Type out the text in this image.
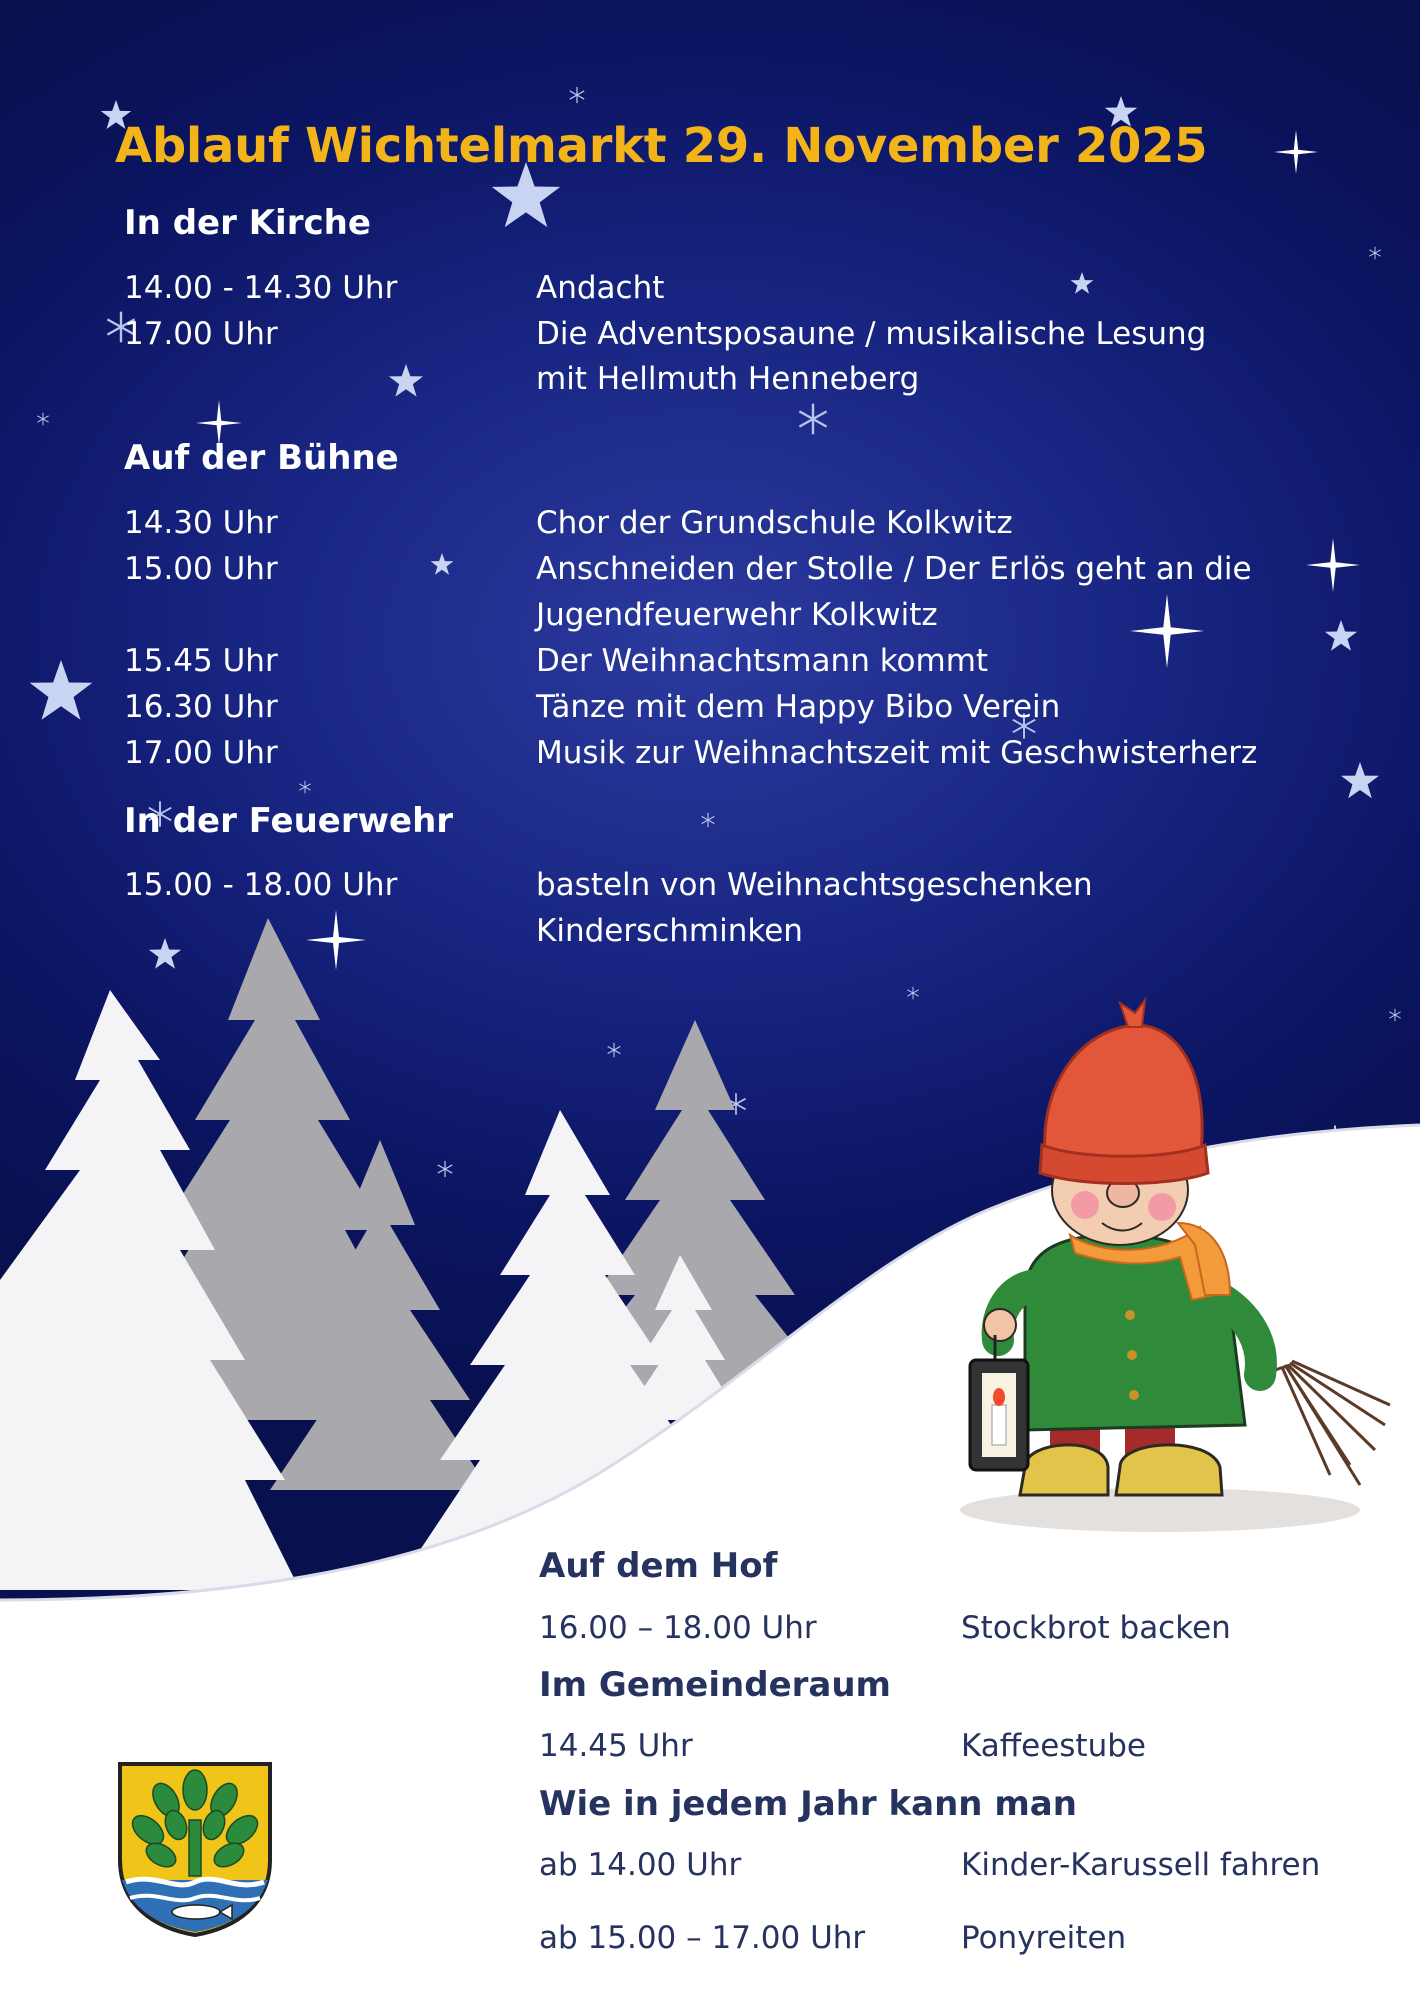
Ablauf Wichtelmarkt 29. November 2025
In der Kirche
14.00 - 14.30 Uhr	Andacht
17.00 Uhr	Die Adventsposaune / musikalische Lesung
mit Hellmuth Henneberg
Auf der Bühne
14.30 Uhr	Chor der Grundschule Kolkwitz
15.00 Uhr	Anschneiden der Stolle / Der Erlös geht an die
Jugendfeuerwehr Kolkwitz
15.45 Uhr	Der Weihnachtsmann kommt
16.30 Uhr	Tänze mit dem Happy Bibo Verein
17.00 Uhr	Musik zur Weihnachtszeit mit Geschwisterherz
In der Feuerwehr
15.00 - 18.00 Uhr	basteln von Weihnachtsgeschenken
Kinderschminken
Auf dem Hof
16.00 – 18.00 Uhr	Stockbrot backen
Im Gemeinderaum
14.45 Uhr	Kaffeestube
Wie in jedem Jahr kann man
ab 14.00 Uhr	Kinder-Karussell fahren
ab 15.00 – 17.00 Uhr	Ponyreiten
